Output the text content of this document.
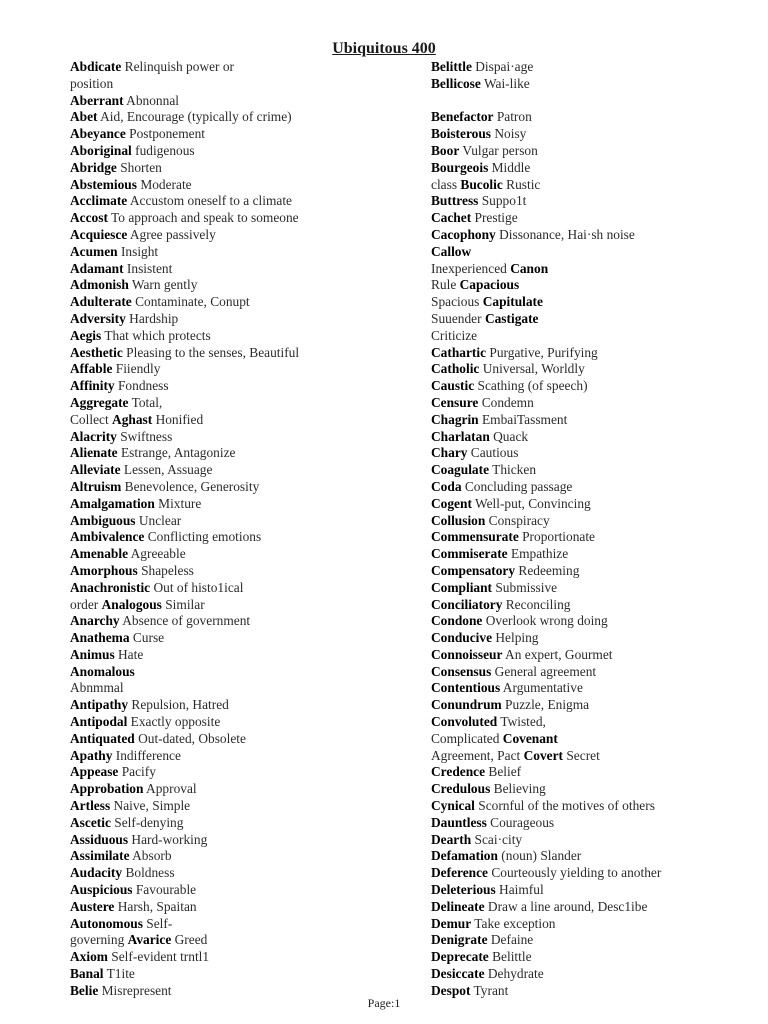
Ubiquitous 400
Abdicate Relinquish power or
position
Aberrant Abnonnal
Abet Aid, Encourage (typically of crime)
Abeyance Postponement
Aboriginal fudigenous
Abridge Shorten
Abstemious Moderate
Acclimate Accustom oneself to a climate
Accost To approach and speak to someone
Acquiesce Agree passively
Acumen Insight
Adamant Insistent
Admonish Warn gently
Adulterate Contaminate, Conupt
Adversity Hardship
Aegis That which protects
Aesthetic Pleasing to the senses, Beautiful
Affable Fiiendly
Affinity Fondness
Aggregate Total,
Collect Aghast Honified
Alacrity Swiftness
Alienate Estrange, Antagonize
Alleviate Lessen, Assuage
Altruism Benevolence, Generosity
Amalgamation Mixture
Ambiguous Unclear
Ambivalence Conflicting emotions
Amenable Agreeable
Amorphous Shapeless
Anachronistic Out of histo1ical
order Analogous Similar
Anarchy Absence of government
Anathema Curse
Animus Hate
Anomalous
Abnmmal
Antipathy Repulsion, Hatred
Antipodal Exactly opposite
Antiquated Out-dated, Obsolete
Apathy Indifference
Appease Pacify
Approbation Approval
Artless Naive, Simple
Ascetic Self-denying
Assiduous Hard-working
Assimilate Absorb
Audacity Boldness
Auspicious Favourable
Austere Harsh, Spaitan
Autonomous Self-
governing Avarice Greed
Axiom Self-evident trntl1
Banal T1ite
Belie Misrepresent
Belittle Dispai·age
Bellicose Wai-like
Benefactor Patron
Boisterous Noisy
Boor Vulgar person
Bourgeois Middle
class Bucolic Rustic
Buttress Suppo1t
Cachet Prestige
Cacophony Dissonance, Hai·sh noise
Callow
Inexperienced Canon
Rule Capacious
Spacious Capitulate
Suuender Castigate
Criticize
Cathartic Purgative, Purifying
Catholic Universal, Worldly
Caustic Scathing (of speech)
Censure Condemn
Chagrin EmbaiTassment
Charlatan Quack
Chary Cautious
Coagulate Thicken
Coda Concluding passage
Cogent Well-put, Convincing
Collusion Conspiracy
Commensurate Proportionate
Commiserate Empathize
Compensatory Redeeming
Compliant Submissive
Conciliatory Reconciling
Condone Overlook wrong doing
Conducive Helping
Connoisseur An expert, Gourmet
Consensus General agreement
Contentious Argumentative
Conundrum Puzzle, Enigma
Convoluted Twisted,
Complicated Covenant
Agreement, Pact Covert Secret
Credence Belief
Credulous Believing
Cynical Scornful of the motives of others
Dauntless Courageous
Dearth Scai·city
Defamation (noun) Slander
Deference Courteously yielding to another
Deleterious Haimful
Delineate Draw a line around, Desc1ibe
Demur Take exception
Denigrate Defaine
Deprecate Belittle
Desiccate Dehydrate
Despot Tyrant
Page:1
